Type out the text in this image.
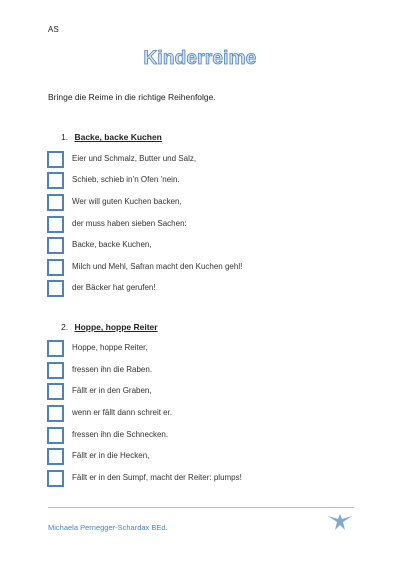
AS
Kinderreime
Bringe die Reime in die richtige Reihenfolge.
1. Backe, backe Kuchen
Eier und Schmalz, Butter und Salz,
Schieb, schieb in’n Ofen ’nein.
Wer will guten Kuchen backen,
der muss haben sieben Sachen:
Backe, backe Kuchen,
Milch und Mehl, Safran macht den Kuchen gehl!
der Bäcker hat gerufen!
2. Hoppe, hoppe Reiter
Hoppe, hoppe Reiter,
fressen ihn die Raben.
Fällt er in den Graben,
wenn er fällt dann schreit er.
fressen ihn die Schnecken.
Fällt er in die Hecken,
Fällt er in den Sumpf, macht der Reiter: plumps!
Michaela Pernegger-Schardax BEd.
